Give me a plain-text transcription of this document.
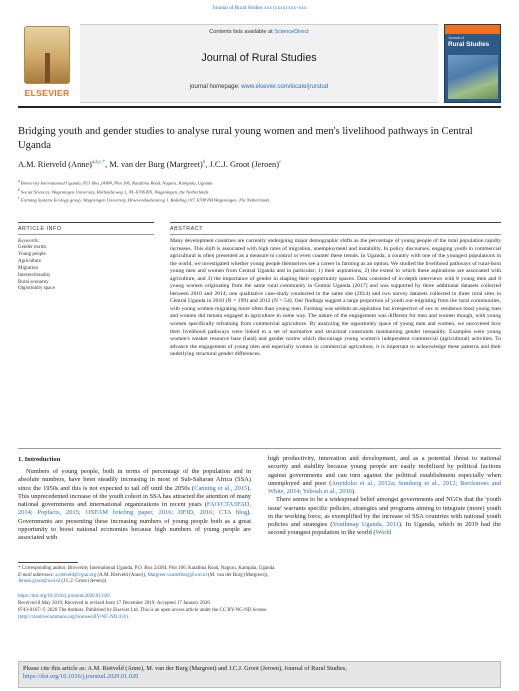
Journal of Rural Studies xxx (xxxx) xxx–xxx
ELSEVIER
Contents lists available at ScienceDirect
Journal of Rural Studies
journal homepage: www.elsevier.com/locate/jrurstud
Journal of
Rural Studies
Bridging youth and gender studies to analyse rural young women and men's livelihood pathways in Central Uganda
A.M. Rietveld (Anne)$^{a,b,c,*}$, M. van der Burg (Margreet)$^b$, J.C.J. Groot (Jeroen)$^c$
$^a$ Bioversity International Uganda, P.O. Box 24384, Plot 106, Katalima Road, Naguru, Kampala, Uganda
$^b$ Social Sciences, Wageningen University, Hollandseweg 1, NL-6706 KN, Wageningen, the Netherlands
$^c$ Farming Systems Ecology group, Wageningen University, Droevendaalsesteeg 1, Building 107, 6708 PB Wageningen, The Netherlands
ARTICLE INFO	ABSTRACT
Keywords:
Gender norms
Young people
Agriculture
Migration
Intersectionality
Rural economy
Opportunity space
Many development countries are currently undergoing major demographic shifts as the percentage of young people of the total population rapidly increases. This shift is associated with high rates of migration, unemployment and instability. In policy discourses, engaging youth in commercial agricultural is often presented as a measure to control or even counter these trends. In Uganda, a country with one of the youngest populations in the world, we investigated whether young people themselves see a career in farming as an option. We studied the livelihood pathways of rural-born young men and women from Central Uganda and in particular; 1) their aspirations, 2) the extent to which these aspirations are associated with agriculture, and 3) the importance of gender in shaping their opportunity spaces. Data consisted of in-depth interviews with 8 young men and 8 young women originating from the same rural community in Central Uganda (2017) and was supported by three additional datasets collected between 2010 and 2014; one qualitative case-study conducted in the same site (2014) and two survey datasets collected in three rural sites in Central Uganda in 2010 (N = 199) and 2012 (N = 54). Our findings suggest a large proportion of youth out-migrating from the rural communities, with young women migrating more often than young men. Farming was seldom an aspiration but irrespective of sex or residence most young men and women did remain engaged in agriculture in some way. The nature of the engagement was different for men and women though, with young women specifically refraining from commercial agriculture. By analyzing the opportunity space of young men and women, we uncovered how their livelihood pathways were linked to a set of normative and structural constraints maintaining gender inequality. Examples were young women's weaker resource base (land) and gender norms which discourage young women's independent commercial (agricultural) activities. To advance the engagement of young men and especially women in commercial agriculture, it is important to acknowledge these patterns and their underlying structural gender differences.
1. Introduction

Numbers of young people, both in terms of percentage of the population and in absolute numbers, have been steadily increasing in most of Sub-Saharan Africa (SSA) since the 1950s and this is not expected to tail off until the 2050s (Canning et al., 2015). This unprecedented increase of the youth cohort in SSA has attracted the attention of many national governments and international organizations in recent years (FAO/CTA/IFAD, 2014; Popfacts, 2015; OXFAM briefing paper, 2016; DFID, 2016; CTA blog). Governments are presenting these increasing numbers of young people both as a great opportunity to boost national economies because high numbers of young people are associated with

high productivity, innovation and development, and as a potential threat to national security and stability because young people are easily mobilized by political factions against governments and can turn against the political establishment especially when unemployed and poor (Anyidoho et al., 2012a; Sumberg et al., 2012; Berckmoes and White, 2014; Yeboah et al., 2016).

There seems to be a widespread belief amongst governments and NGOs that the 'youth issue' warrants specific policies, strategies and programs aiming to integrate (more) youth in the working force, as exemplified by the increase of SSA countries with national youth policies and strategies (Youthmap Uganda, 2011). In Uganda, which in 2019 had the second youngest population in the world (World

* Corresponding author. Bioversity International Uganda, P.O. Box 24384, Plot 106, Katalima Road, Naguru, Kampala, Uganda.

E-mail addresses: a.rietveld@cgiar.org (A.M. Rietveld (Anne)), Margreet.vanderburg@wur.nl (M. van der Burg (Margreet)),

Jeroen.groot@wur.nl (J.C.J. Groot (Jeroen)).

https://doi.org/10.1016/j.jrurstud.2020.01.020
Received 8 May 2019; Received in revised form 17 December 2019; Accepted 17 January 2020
0743-0167/ © 2020 The Authors. Published by Elsevier Ltd. This is an open access article under the CC BY-NC-ND license
(http://creativecommons.org/licenses/BY-NC-ND/4.0/).
Please cite this article as: A.M. Rietveld (Anne), M. van der Burg (Margreet) and J.C.J. Groot (Jeroen), Journal of Rural Studies,
https://doi.org/10.1016/j.jrurstud.2020.01.020
